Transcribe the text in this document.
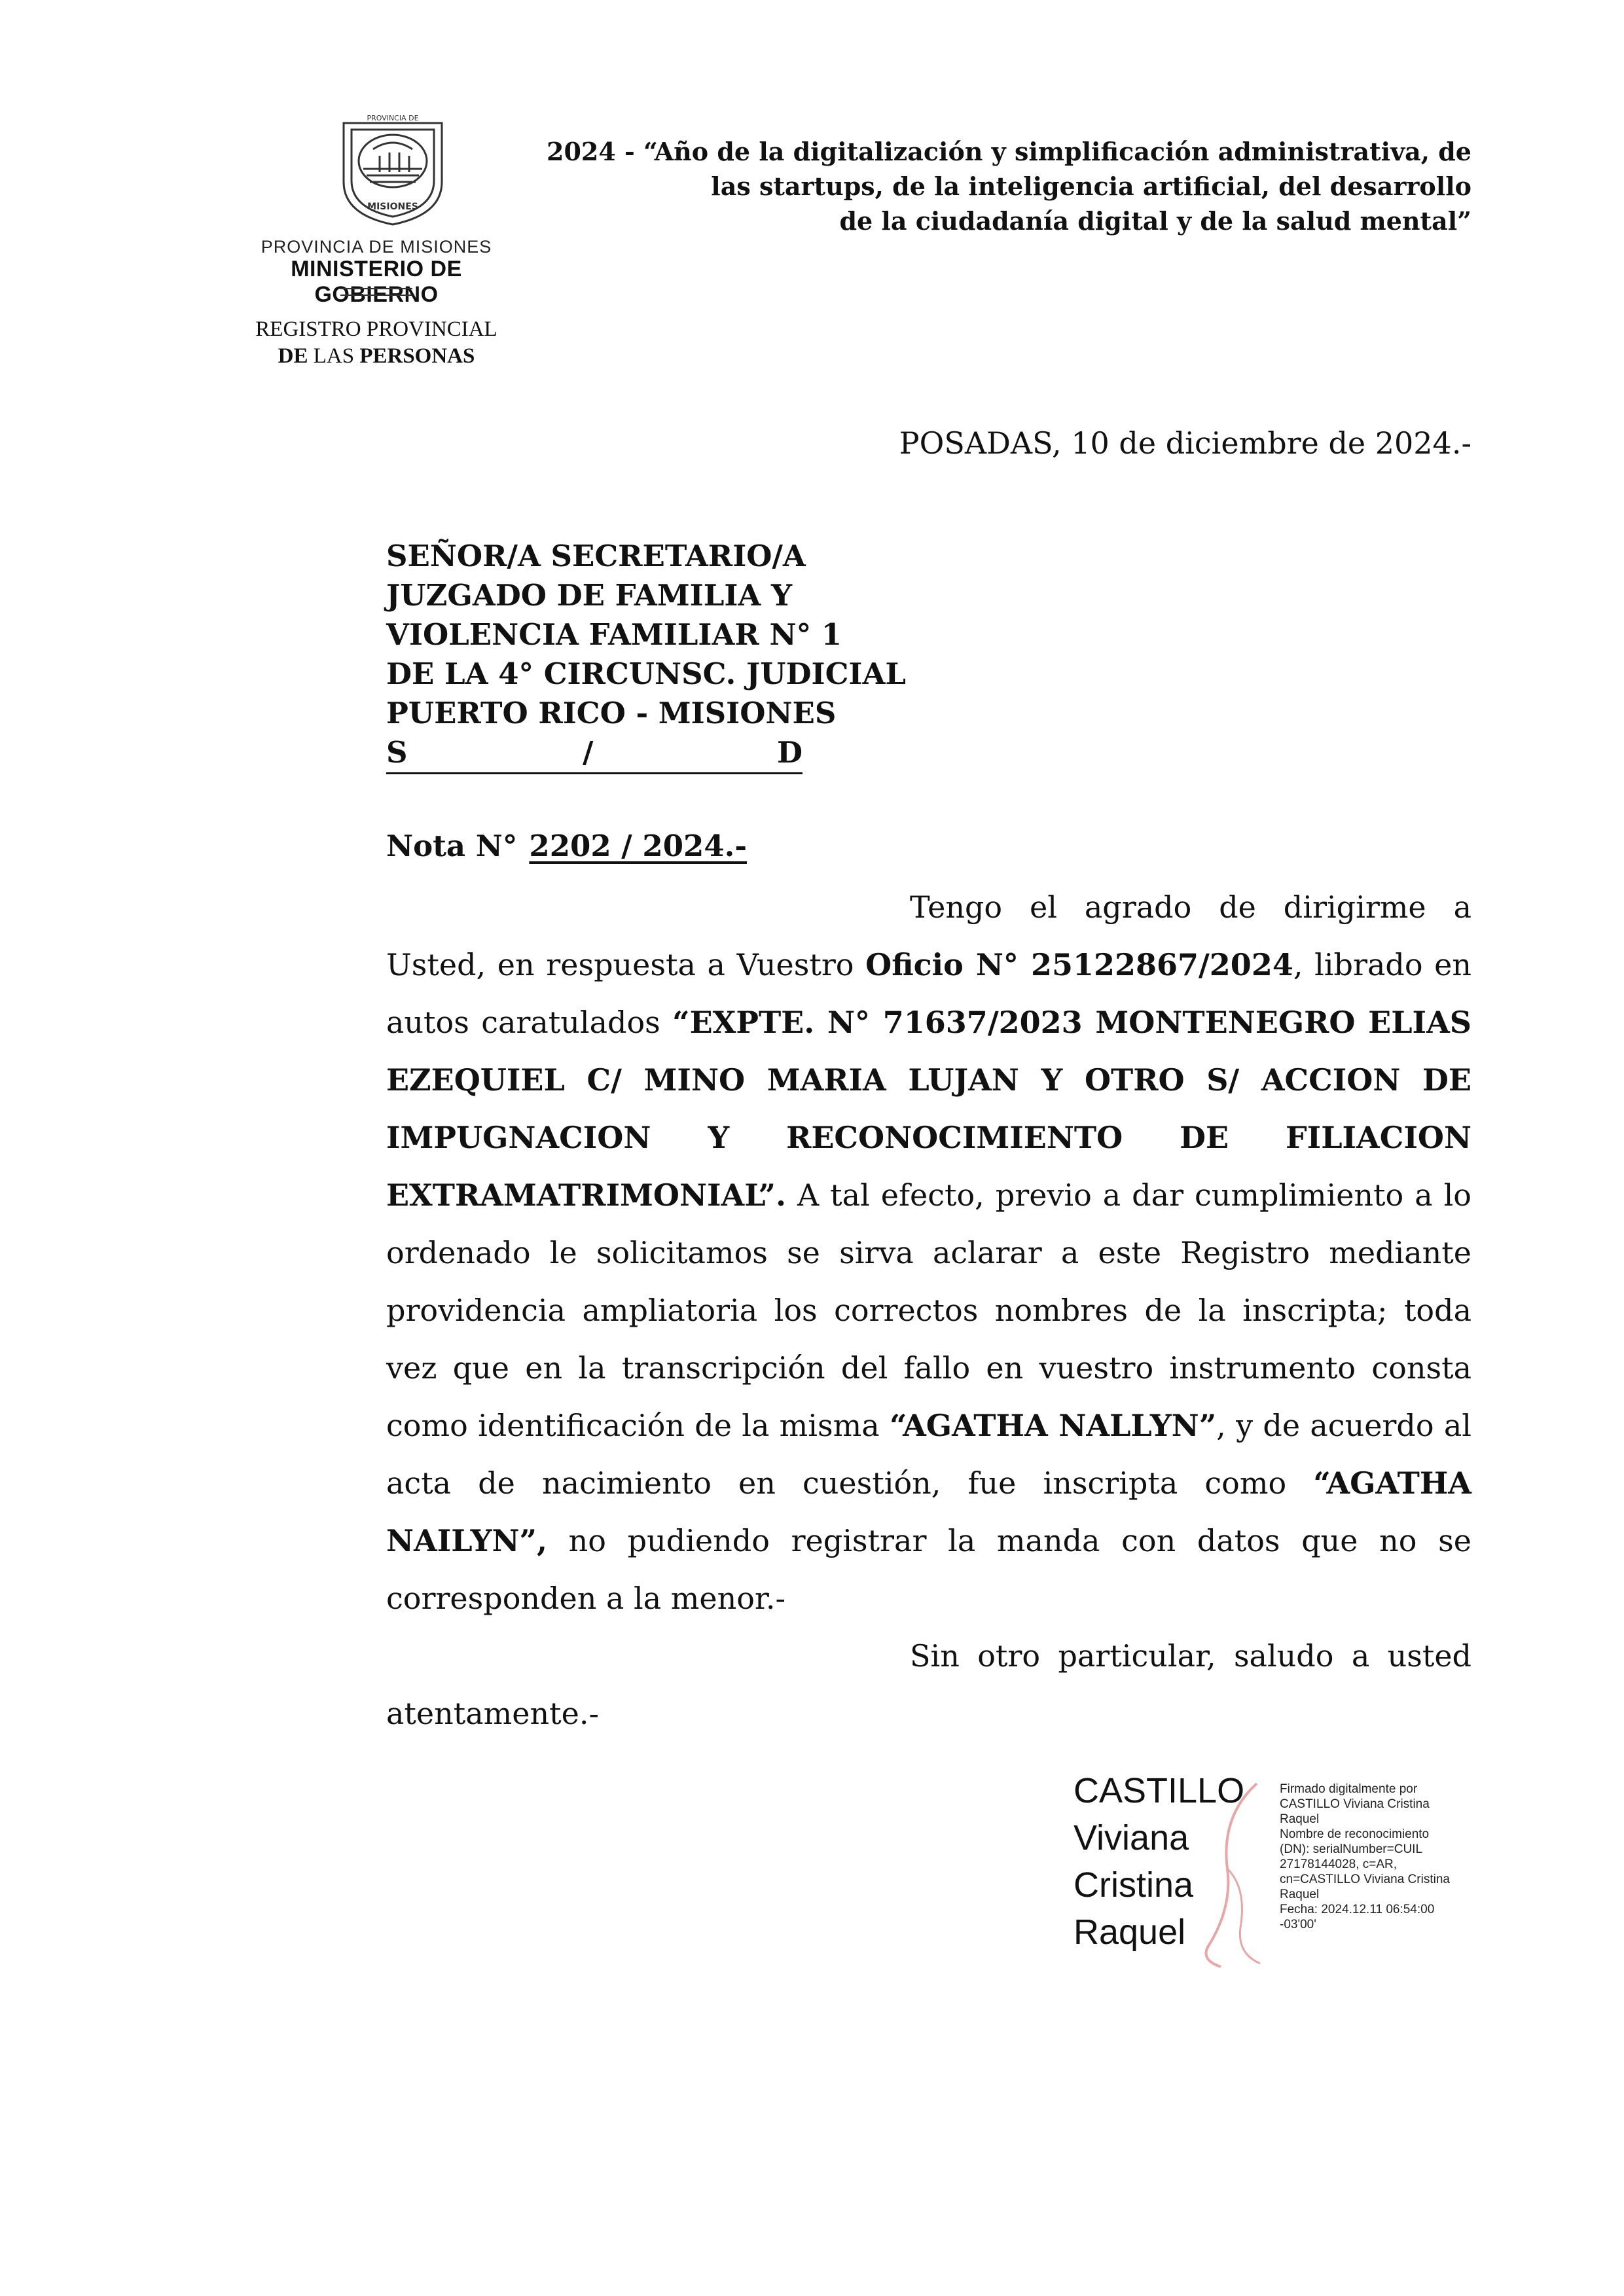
PROVINCIA DE
MISIONES
PROVINCIA DE MISIONES
MINISTERIO DE GOBIERNO
REGISTRO PROVINCIAL
DE LAS PERSONAS
2024 - “Año de la digitalización y simplificación administrativa, de
las startups, de la inteligencia artificial, del desarrollo
de la ciudadanía digital y de la salud mental”
POSADAS, 10 de diciembre de 2024.-
SEÑOR/A SECRETARIO/A
JUZGADO DE FAMILIA Y
VIOLENCIA FAMILIAR N° 1
DE LA 4° CIRCUNSC. JUDICIAL
PUERTO RICO - MISIONES
S	/	D
Nota N° 2202 / 2024.-

Tengo el agrado de dirigirme a Usted, en respuesta a Vuestro Oficio N° 25122867/2024, librado en autos caratulados “EXPTE. N° 71637/2023 MONTENEGRO ELIAS EZEQUIEL C/ MINO MARIA LUJAN Y OTRO S/ ACCION DE IMPUGNACION Y RECONOCIMIENTO DE FILIACION EXTRAMATRIMONIAL”. A tal efecto, previo a dar cumplimiento a lo ordenado le solicitamos se sirva aclarar a este Registro mediante providencia ampliatoria los correctos nombres de la inscripta; toda vez que en la transcripción del fallo en vuestro instrumento consta como identificación de la misma “AGATHA NALLYN”, y de acuerdo al acta de nacimiento en cuestión, fue inscripta como “AGATHA NAILYN”, no pudiendo registrar la manda con datos que no se corresponden a la menor.-

Sin otro particular, saludo a usted atentamente.-

CASTILLO
Viviana
Cristina
Raquel
Firmado digitalmente por
CASTILLO Viviana Cristina
Raquel
Nombre de reconocimiento
(DN): serialNumber=CUIL
27178144028, c=AR,
cn=CASTILLO Viviana Cristina
Raquel
Fecha: 2024.12.11 06:54:00
-03'00'
